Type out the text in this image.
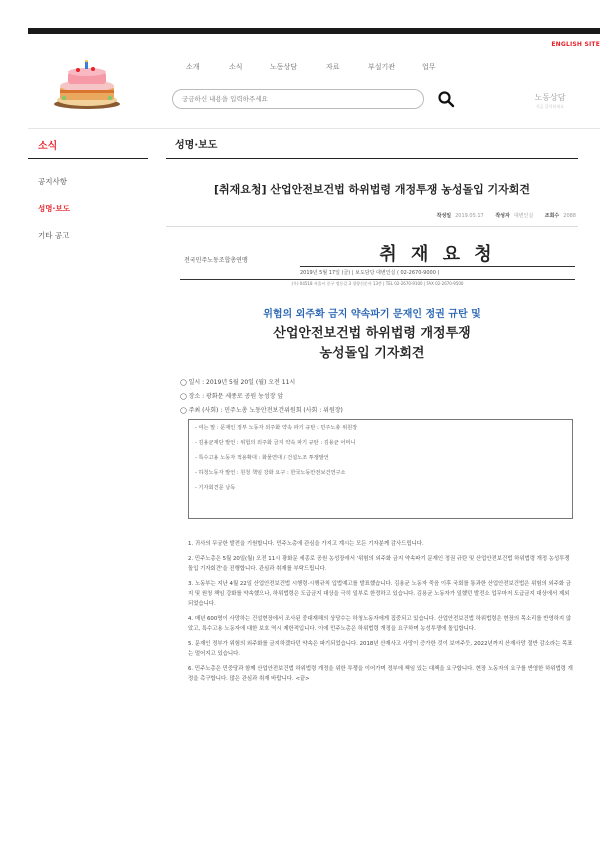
ENGLISH SITE
소개	소식	노동상담	자료	부설기관	업무
궁금하신 내용을 입력하주세요
노동상담
지금 클릭하세요
소식	성명·보도
공지사항
성명·보도
기타 공고
[취재요청] 산업안전보건법 하위법령 개정투쟁 농성돌입 기자회견
작성일 2019.05.17 작성자 대변인실 조회수 2088
전국민주노동조합총연맹	취 재 요 청
2019년 5월 17일 (금) | 보도담당 대변인실 ( 02-2670-9000 )
(우) 04518 서울시 중구 정동길 3 경향신문사 13층 | TEL 02-2670-9100 | FAX 02-2670-9500
위험의 외주화 금지 약속파기 문재인 정권 규탄 및
산업안전보건법 하위법령 개정투쟁
농성돌입 기자회견
◯ 일시 : 2019년 5월 20일 (월) 오전 11시
◯ 장소 : 광화문 세종로 공원 농성장 앞
◯ 주최 (사회) : 민주노총 노동안전보건위원회 (사회 : 위원장)
- 여는 말 : 문재인 정부 노동자 외주화 약속 파기 규탄 : 민주노총 위원장
- 김용균재단 발언 : 위험의 외주화 금지 약속 파기 규탄 : 김용균 어머니
- 특수고용 노동자 적용확대 : 화물연대 / 건설노조 투쟁발언
- 하청노동자 발언 : 원청 책임 강화 요구 : 한국노동안전보건연구소
- 기자회견문 낭독

1. 귀사의 무궁한 발전을 기원합니다. 민주노총에 관심을 가지고 계시는 모든 기자분께 감사드립니다.

2. 민주노총은 5월 20일(월) 오전 11시 광화문 세종로 공원 농성장에서 '위험의 외주화 금지 약속파기 문재인 정권 규탄 및 산업안전보건법 하위법령 개정 농성투쟁 돌입 기자회견'을 진행합니다. 관심과 취재를 부탁드립니다.

3. 노동부는 지난 4월 22일 산업안전보건법 시행령·시행규칙 입법예고를 발표했습니다. 김용균 노동자 죽음 이후 국회를 통과한 산업안전보건법은 위험의 외주화 금지 및 원청 책임 강화를 약속했으나, 하위법령은 도급금지 대상을 극히 일부로 한정하고 있습니다. 김용균 노동자가 일했던 발전소 업무마저 도급금지 대상에서 제외되었습니다.

4. 매년 600명이 사망하는 건설현장에서 조사된 중대재해의 상당수는 하청노동자에게 집중되고 있습니다. 산업안전보건법 하위법령은 현장의 목소리를 반영하지 않았고, 특수고용 노동자에 대한 보호 역시 제한적입니다. 이에 민주노총은 하위법령 개정을 요구하며 농성투쟁에 돌입합니다.

5. 문재인 정부가 위험의 외주화를 금지하겠다던 약속은 파기되었습니다. 2018년 산재사고 사망이 증가한 것이 보여주듯, 2022년까지 산재사망 절반 감소라는 목표는 멀어지고 있습니다.

6. 민주노총은 민중당과 함께 산업안전보건법 하위법령 개정을 위한 투쟁을 이어가며 정부에 책임 있는 대책을 요구합니다. 현장 노동자의 요구를 반영한 하위법령 개정을 촉구합니다. 많은 관심과 취재 바랍니다. <끝>
